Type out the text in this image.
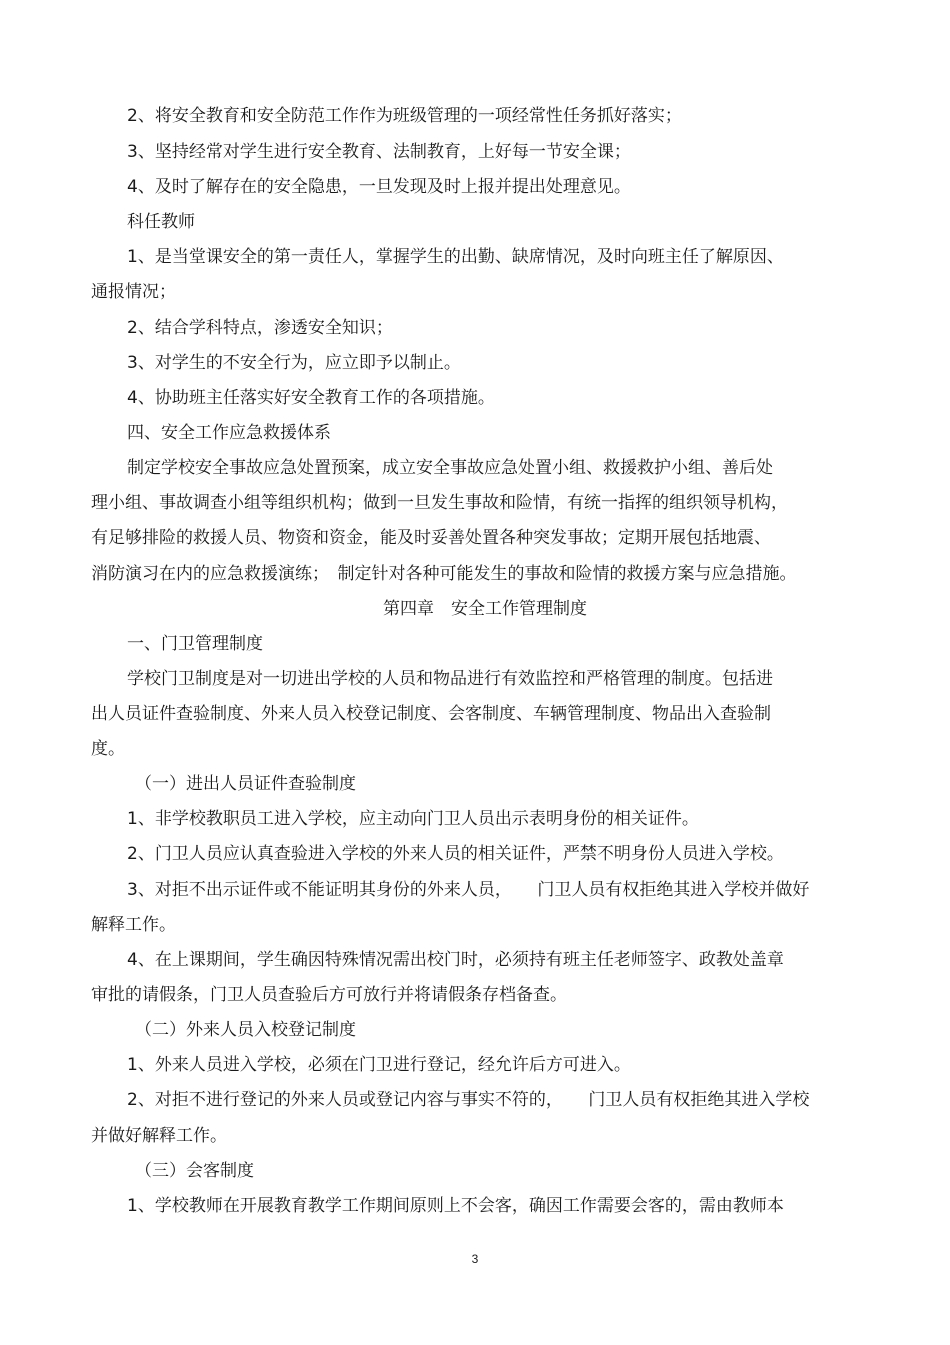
2、将安全教育和安全防范工作作为班级管理的一项经常性任务抓好落实；
3、坚持经常对学生进行安全教育、法制教育，上好每一节安全课；
4、及时了解存在的安全隐患，一旦发现及时上报并提出处理意见。
科任教师
1、是当堂课安全的第一责任人，掌握学生的出勤、缺席情况，及时向班主任了解原因、
通报情况；
2、结合学科特点，渗透安全知识；
3、对学生的不安全行为，应立即予以制止。
4、协助班主任落实好安全教育工作的各项措施。
四、安全工作应急救援体系
制定学校安全事故应急处置预案，成立安全事故应急处置小组、救援救护小组、善后处
理小组、事故调查小组等组织机构；做到一旦发生事故和险情，有统一指挥的组织领导机构，
有足够排险的救援人员、物资和资金，能及时妥善处置各种突发事故；定期开展包括地震、
消防演习在内的应急救援演练；　制定针对各种可能发生的事故和险情的救援方案与应急措施。
第四章　安全工作管理制度
一、门卫管理制度
学校门卫制度是对一切进出学校的人员和物品进行有效监控和严格管理的制度。包括进
出人员证件查验制度、外来人员入校登记制度、会客制度、车辆管理制度、物品出入查验制
度。
（一）进出人员证件查验制度
1、非学校教职员工进入学校，应主动向门卫人员出示表明身份的相关证件。
2、门卫人员应认真查验进入学校的外来人员的相关证件，严禁不明身份人员进入学校。
3、对拒不出示证件或不能证明其身份的外来人员，　　门卫人员有权拒绝其进入学校并做好
解释工作。
4、在上课期间，学生确因特殊情况需出校门时，必须持有班主任老师签字、政教处盖章
审批的请假条，门卫人员查验后方可放行并将请假条存档备查。
（二）外来人员入校登记制度
1、外来人员进入学校，必须在门卫进行登记，经允许后方可进入。
2、对拒不进行登记的外来人员或登记内容与事实不符的，　　门卫人员有权拒绝其进入学校
并做好解释工作。
（三）会客制度
1、学校教师在开展教育教学工作期间原则上不会客，确因工作需要会客的，需由教师本
3
